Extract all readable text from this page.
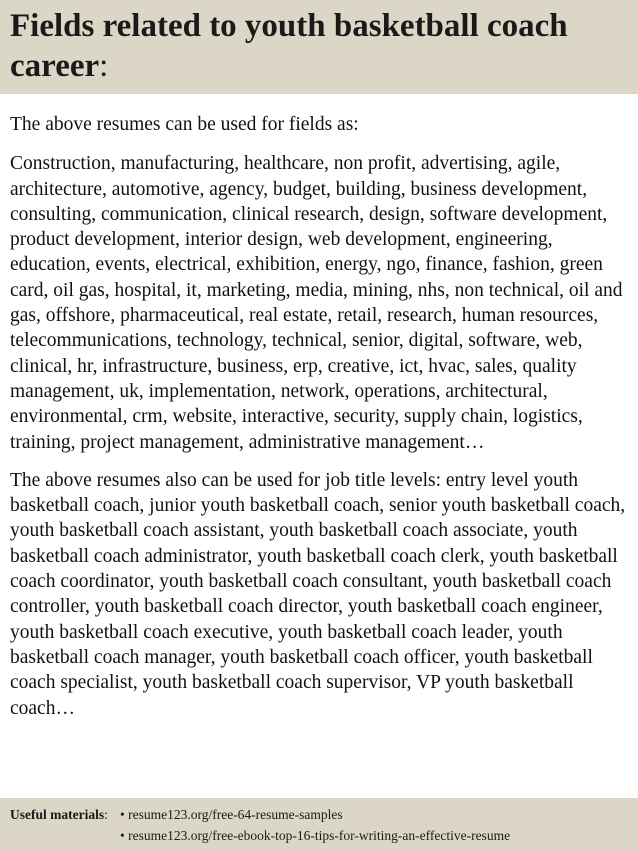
Fields related to youth basketball coach career:

The above resumes can be used for fields as:

Construction, manufacturing, healthcare, non profit, advertising, agile, architecture, automotive, agency, budget, building, business development, consulting, communication, clinical research, design, software development, product development, interior design, web development, engineering, education, events, electrical, exhibition, energy, ngo, finance, fashion, green card, oil gas, hospital, it, marketing, media, mining, nhs, non technical, oil and gas, offshore, pharmaceutical, real estate, retail, research, human resources, telecommunications, technology, technical, senior, digital, software, web, clinical, hr, infrastructure, business, erp, creative, ict, hvac, sales, quality management, uk, implementation, network, operations, architectural, environmental, crm, website, interactive, security, supply chain, logistics, training, project management, administrative management…

The above resumes also can be used for job title levels: entry level youth basketball coach, junior youth basketball coach, senior youth basketball coach, youth basketball coach assistant, youth basketball coach associate, youth basketball coach administrator, youth basketball coach clerk, youth basketball coach coordinator, youth basketball coach consultant, youth basketball coach controller, youth basketball coach director, youth basketball coach engineer, youth basketball coach executive, youth basketball coach leader, youth basketball coach manager, youth basketball coach officer, youth basketball coach specialist, youth basketball coach supervisor, VP youth basketball coach…

Useful materials: • resume123.org/free-64-resume-samples
• resume123.org/free-ebook-top-16-tips-for-writing-an-effective-resume
